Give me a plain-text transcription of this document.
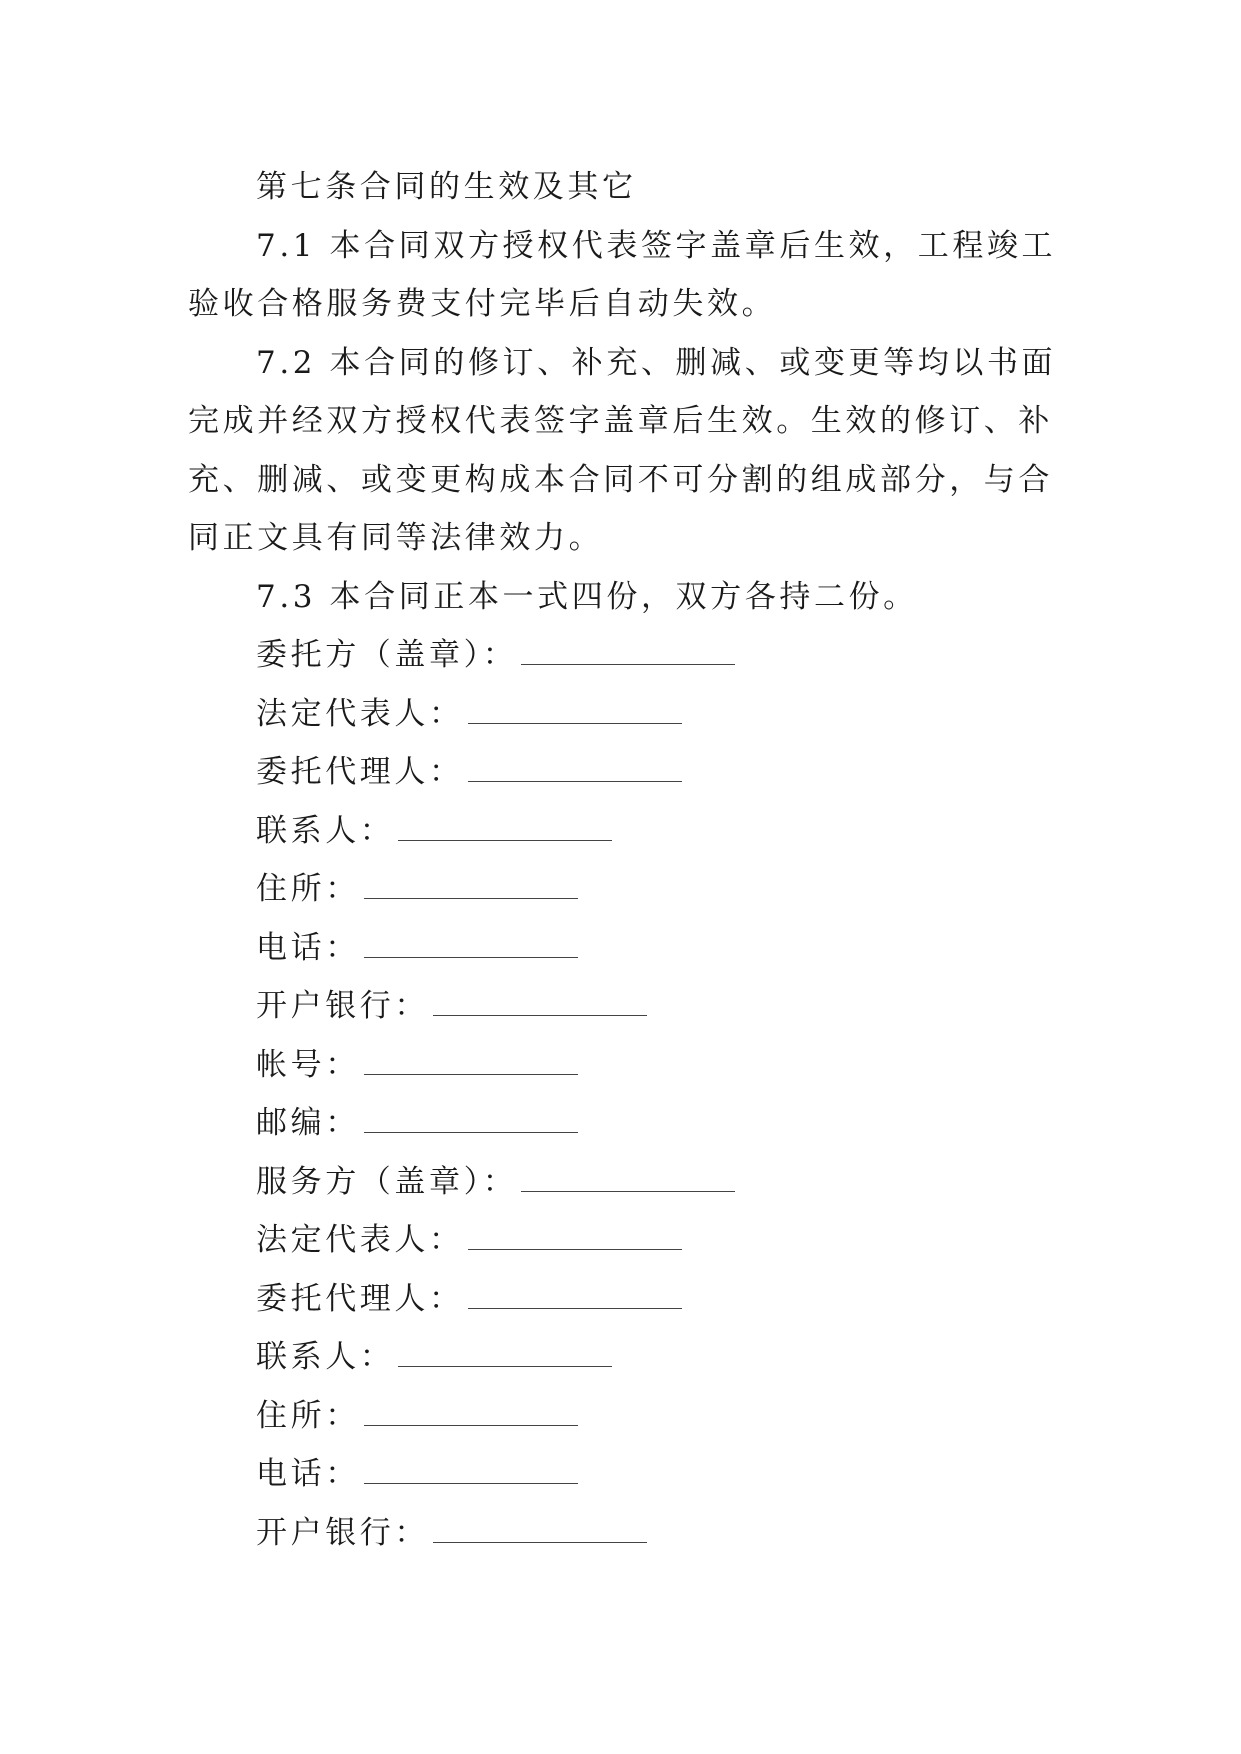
第七条合同的生效及其它

7.1 本合同双方授权代表签字盖章后生效，工程竣工验收合格服务费支付完毕后自动失效。

7.2 本合同的修订、补充、删减、或变更等均以书面完成并经双方授权代表签字盖章后生效。生效的修订、补充、删减、或变更构成本合同不可分割的组成部分，与合同正文具有同等法律效力。

7.3 本合同正本一式四份，双方各持二份。

委托方（盖章）：

法定代表人：

委托代理人：

联系人：

住所：

电话：

开户银行：

帐号：

邮编：

服务方（盖章）：

法定代表人：

委托代理人：

联系人：

住所：

电话：

开户银行：
